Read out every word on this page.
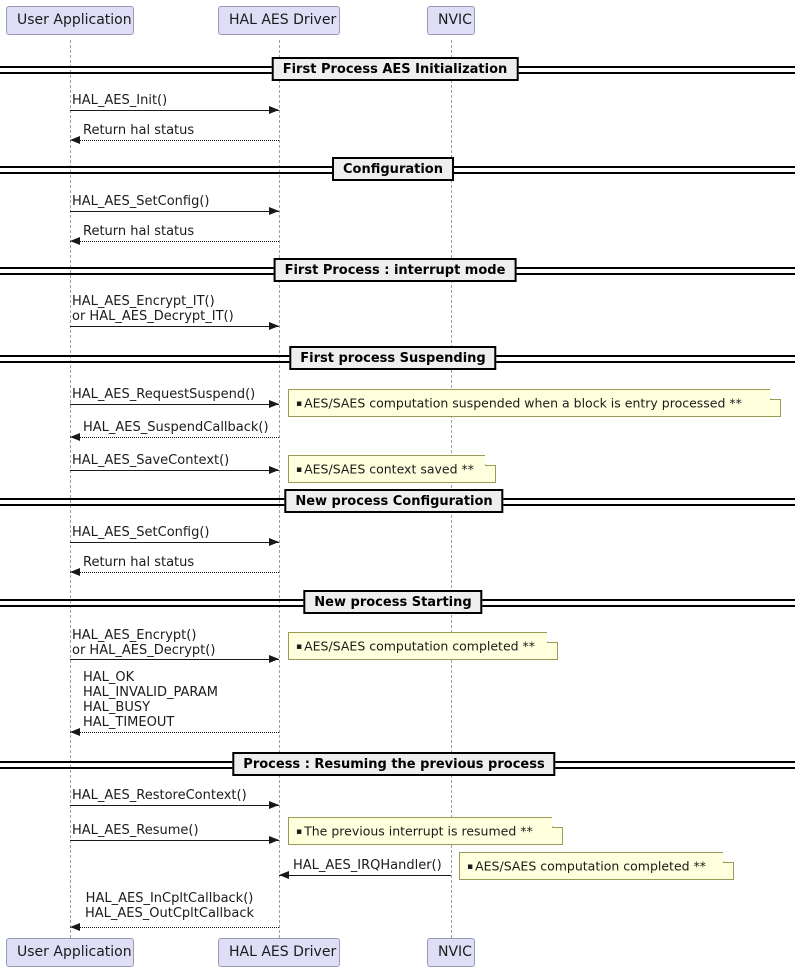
User Application	HAL AES Driver	NVIC
User Application	HAL AES Driver	NVIC
First Process AES Initialization
Configuration
First Process : interrupt mode
First process Suspending
New process Configuration
New process Starting
Process : Resuming the previous process
HAL_AES_Init()
Return hal status
HAL_AES_SetConfig()
Return hal status
HAL_AES_Encrypt_IT()
or HAL_AES_Decrypt_IT()
HAL_AES_RequestSuspend()
HAL_AES_SuspendCallback()
HAL_AES_SaveContext()
HAL_AES_SetConfig()
Return hal status
HAL_AES_Encrypt()
or HAL_AES_Decrypt()
HAL_OK
HAL_INVALID_PARAM
HAL_BUSY
HAL_TIMEOUT
HAL_AES_RestoreContext()
HAL_AES_Resume()
HAL_AES_IRQHandler()
HAL_AES_InCpltCallback()
HAL_AES_OutCpltCallback
▪ AES/SAES computation suspended when a block is entry processed **
▪ AES/SAES context saved **
▪ AES/SAES computation completed **
▪ The previous interrupt is resumed **
▪ AES/SAES computation completed **
